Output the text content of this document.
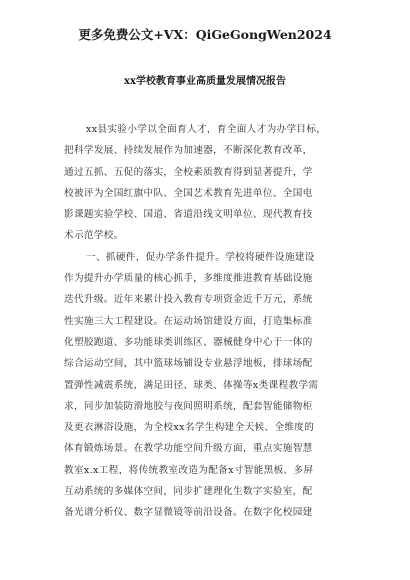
更多免费公文+VX：QiGeGongWen2024
xx学校教育事业高质量发展情况报告
xx县实验小学以全面育人才，育全面人才为办学目标，
把科学发展、持续发展作为加速器，不断深化教育改革，
通过五抓、五促的落实，全校素质教育得到显著提升，学
校被评为全国红旗中队、全国艺术教育先进单位、全国电
影课题实验学校、国道、省道沿线文明单位、现代教育技
术示范学校。
一、抓硬件，促办学条件提升。学校将硬件设施建设
作为提升办学质量的核心抓手，多维度推进教育基础设施
迭代升级。近年来累计投入教育专项资金近千万元，系统
性实施三大工程建设。在运动场馆建设方面，打造集标准
化塑胶跑道、多功能球类训练区、器械健身中心于一体的
综合运动空间，其中篮球场铺设专业悬浮地板，排球场配
置弹性减震系统，满足田径、球类、体操等x类课程教学需
求，同步加装防滑地胶与夜间照明系统，配套智能储物柜
及更衣淋浴设施，为全校xx名学生构建全天候、全维度的
体育锻炼场景。在教学功能空间升级方面，重点实施智慧
教室x.x工程，将传统教室改造为配备x寸智能黑板、多屏
互动系统的多媒体空间，同步扩建理化生数字实验室，配
备光谱分析仪、数字显微镜等前沿设备。在数字化校园建
